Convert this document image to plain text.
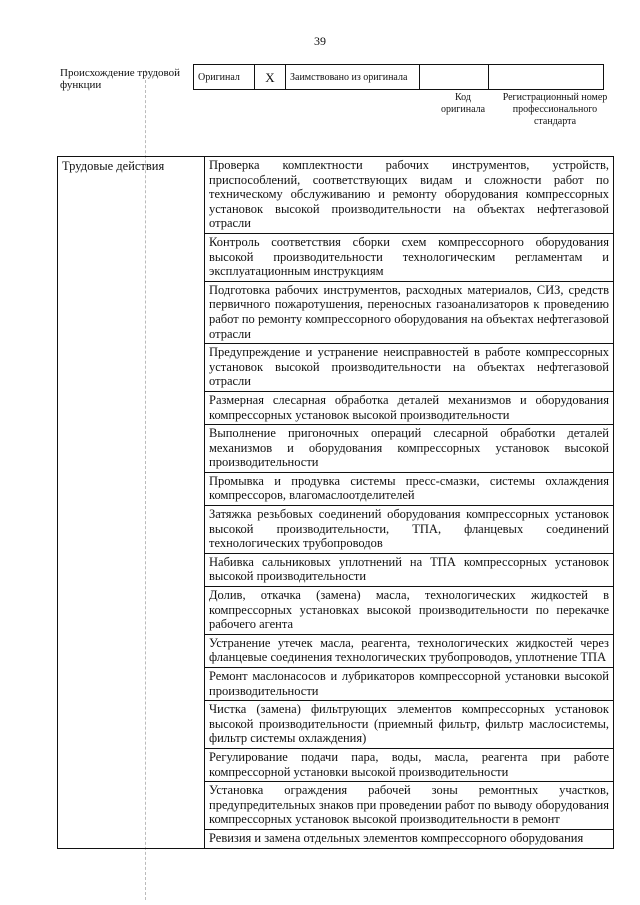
39
Происхождение трудовой функции
Оригинал	X	Заимствовано из оригинала		
Код оригинала
Регистрационный номер профессионального стандарта
Трудовые действия	Проверка комплектности рабочих инструментов, устройств, приспособлений, соответствующих видам и сложности работ по техническому обслуживанию и ремонту оборудования компрессорных установок высокой производительности на объектах нефтегазовой отрасли
Контроль соответствия сборки схем компрессорного оборудования высокой производительности технологическим регламентам и эксплуатационным инструкциям
Подготовка рабочих инструментов, расходных материалов, СИЗ, средств первичного пожаротушения, переносных газоанализаторов к проведению работ по ремонту компрессорного оборудования на объектах нефтегазовой отрасли
Предупреждение и устранение неисправностей в работе компрессорных установок высокой производительности на объектах нефтегазовой отрасли
Размерная слесарная обработка деталей механизмов и оборудования компрессорных установок высокой производительности
Выполнение пригоночных операций слесарной обработки деталей механизмов и оборудования компрессорных установок высокой производительности
Промывка и продувка системы пресс-смазки, системы охлаждения компрессоров, влагомаслоотделителей
Затяжка резьбовых соединений оборудования компрессорных установок высокой производительности, ТПА, фланцевых соединений технологических трубопроводов
Набивка сальниковых уплотнений на ТПА компрессорных установок высокой производительности
Долив, откачка (замена) масла, технологических жидкостей в компрессорных установках высокой производительности по перекачке рабочего агента
Устранение утечек масла, реагента, технологических жидкостей через фланцевые соединения технологических трубопроводов, уплотнение ТПА
Ремонт маслонасосов и лубрикаторов компрессорной установки высокой производительности
Чистка (замена) фильтрующих элементов компрессорных установок высокой производительности (приемный фильтр, фильтр маслосистемы, фильтр системы охлаждения)
Регулирование подачи пара, воды, масла, реагента при работе компрессорной установки высокой производительности
Установка ограждения рабочей зоны ремонтных участков, предупредительных знаков при проведении работ по выводу оборудования компрессорных установок высокой производительности в ремонт
Ревизия и замена отдельных элементов компрессорного оборудования
